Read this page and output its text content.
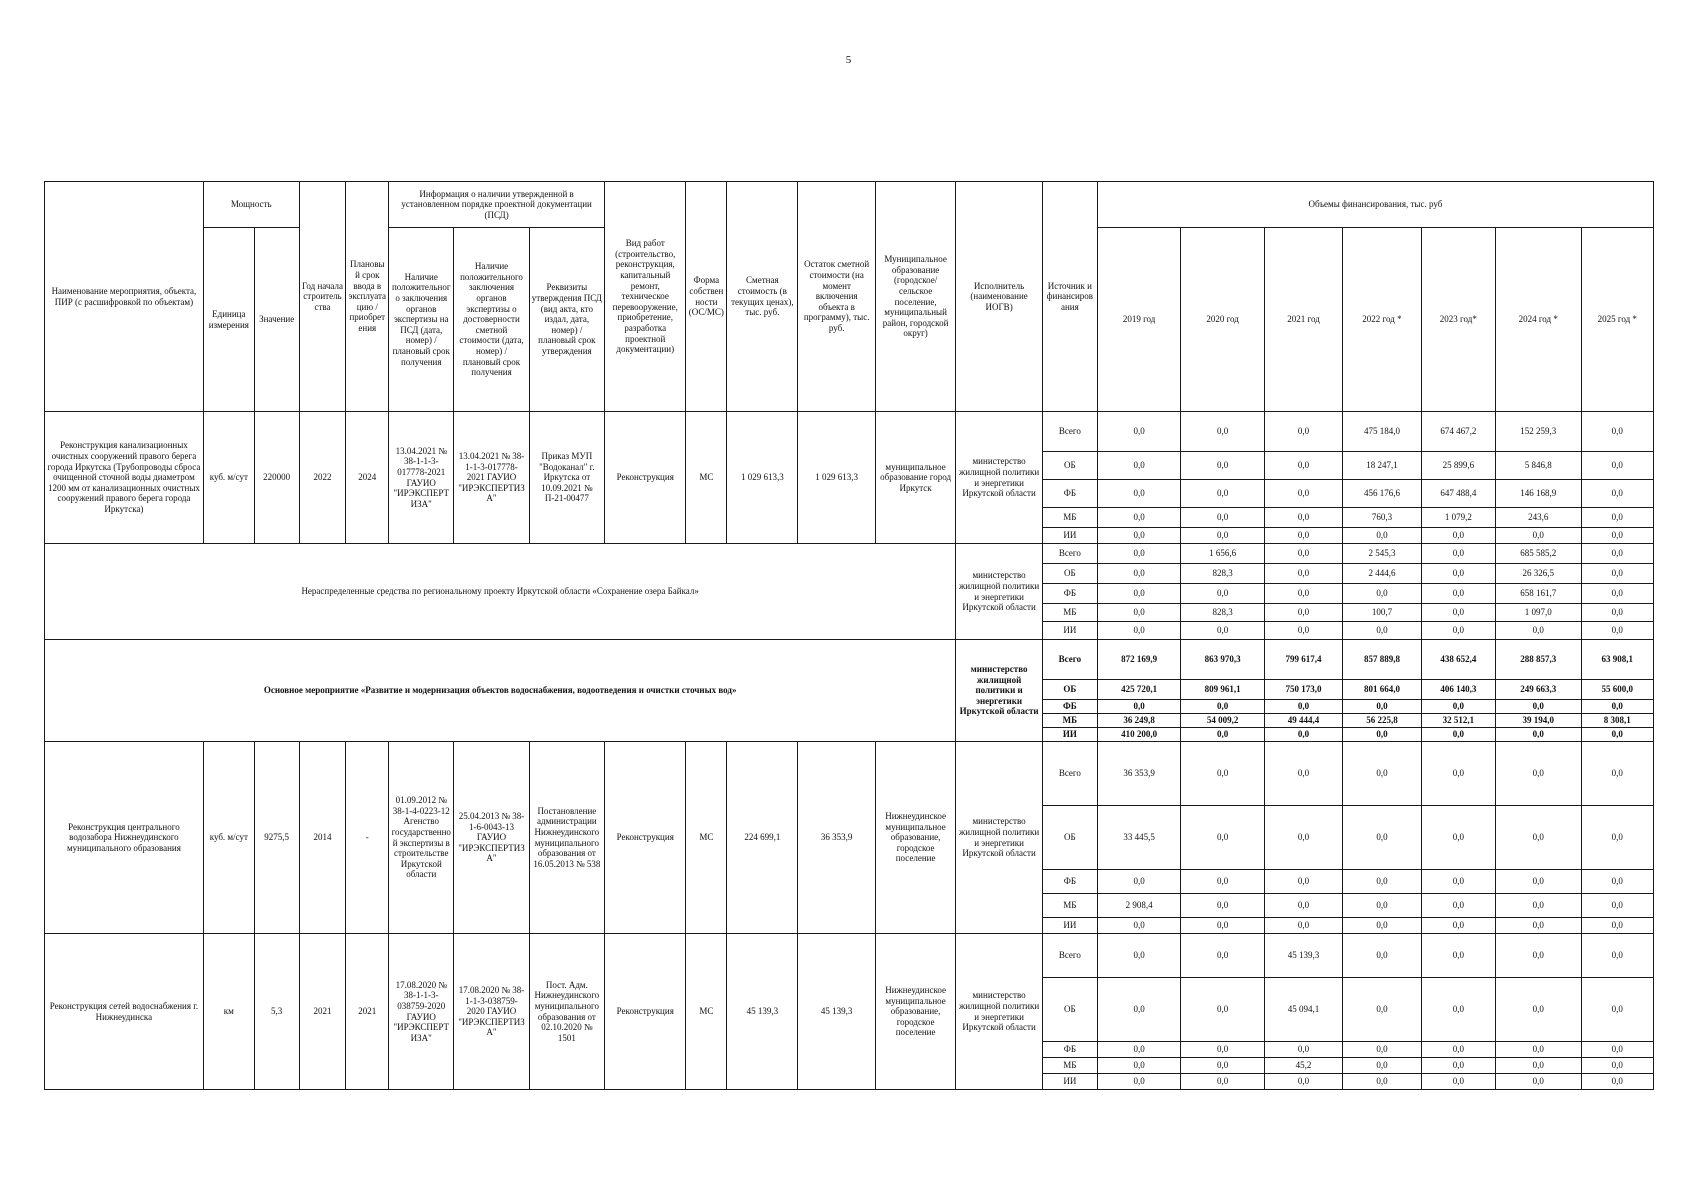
5
Наименование мероприятия, объекта, ПИР (с расшифровкой по объектам)	Мощность		Год начала строительства	Плановый срок ввода в эксплуатацию / приобретения	Информация о наличии утвержденной в установленном порядке проектной документации (ПСД)			Вид работ (строительство, реконструкция, капитальный ремонт, техническое перевооружение, приобретение, разработка проектной документации)	Форма собственности (ОС/МС)	Сметная стоимость (в текущих ценах), тыс. руб.	Остаток сметной стоимости (на момент включения объекта в программу), тыс. руб.	Муниципальное образование (городское/сельское поселение, муниципальный район, городской округ)	Исполнитель (наименование ИОГВ)	Источник и финансирования	Объемы финансирования, тыс. руб						
	Единица измерения	Значение			Наличие положительного заключения органов экспертизы на ПСД (дата, номер) / плановый срок получения	Наличие положительного заключения органов экспертизы о достоверности сметной стоимости (дата, номер) / плановый срок получения	Реквизиты утверждения ПСД (вид акта, кто издал, дата, номер) / плановый срок утверждения								2019 год	2020 год	2021 год	2022 год *	2023 год*	2024 год *	2025 год *
Реконструкция канализационных очистных сооружений правого берега города Иркутска (Трубопроводы сброса очищенной сточной воды диаметром 1200 мм от канализационных очистных сооружений правого берега города Иркутска)	куб. м/сут	220000	2022	2024	13.04.2021 № 38-1-1-3-017778-2021 ГАУИО "ИРЭКСПЕРТИЗА"	13.04.2021 № 38-1-1-3-017778-2021 ГАУИО "ИРЭКСПЕРТИЗА"	Приказ МУП "Водоканал" г. Иркутска от 10.09.2021 № П-21-00477	Реконструкция	МС	1 029 613,3	1 029 613,3	муниципальное образование город Иркутск	министерство жилищной политики и энергетики Иркутской области	Всего	0,0	0,0	0,0	475 184,0	674 467,2	152 259,3	0,0
														ОБ	0,0	0,0	0,0	18 247,1	25 899,6	5 846,8	0,0
														ФБ	0,0	0,0	0,0	456 176,6	647 488,4	146 168,9	0,0
														МБ	0,0	0,0	0,0	760,3	1 079,2	243,6	0,0
														ИИ	0,0	0,0	0,0	0,0	0,0	0,0	0,0
Нераспределенные средства по региональному проекту Иркутской области «Сохранение озера Байкал»													министерство жилищной политики и энергетики Иркутской области	Всего	0,0	1 656,6	0,0	2 545,3	0,0	685 585,2	0,0
														ОБ	0,0	828,3	0,0	2 444,6	0,0	26 326,5	0,0
														ФБ	0,0	0,0	0,0	0,0	0,0	658 161,7	0,0
														МБ	0,0	828,3	0,0	100,7	0,0	1 097,0	0,0
														ИИ	0,0	0,0	0,0	0,0	0,0	0,0	0,0
Основное мероприятие «Развитие и модернизация объектов водоснабжения, водоотведения и очистки сточных вод»													министерство жилищной политики и энергетики Иркутской области	Всего	872 169,9	863 970,3	799 617,4	857 889,8	438 652,4	288 857,3	63 908,1
														ОБ	425 720,1	809 961,1	750 173,0	801 664,0	406 140,3	249 663,3	55 600,0
														ФБ	0,0	0,0	0,0	0,0	0,0	0,0	0,0
														МБ	36 249,8	54 009,2	49 444,4	56 225,8	32 512,1	39 194,0	8 308,1
														ИИ	410 200,0	0,0	0,0	0,0	0,0	0,0	0,0
Реконструкция центрального водозабора Нижнеудинского муниципального образования	куб. м/сут	9275,5	2014	-	01.09.2012 № 38-1-4-0223-12 Агенство государственной экспертизы в строительстве Иркутской области	25.04.2013 № 38-1-6-0043-13 ГАУИО "ИРЭКСПЕРТИЗА"	Постановление администрации Нижнеудинского муниципального образования от 16.05.2013 № 538	Реконструкция	МС	224 699,1	36 353,9	Нижнеудинское муниципальное образование, городское поселение	министерство жилищной политики и энергетики Иркутской области	Всего	36 353,9	0,0	0,0	0,0	0,0	0,0	0,0
														ОБ	33 445,5	0,0	0,0	0,0	0,0	0,0	0,0
														ФБ	0,0	0,0	0,0	0,0	0,0	0,0	0,0
														МБ	2 908,4	0,0	0,0	0,0	0,0	0,0	0,0
														ИИ	0,0	0,0	0,0	0,0	0,0	0,0	0,0
Реконструкция сетей водоснабжения г. Нижнеудинска	км	5,3	2021	2021	17.08.2020 № 38-1-1-3-038759-2020 ГАУИО "ИРЭКСПЕРТИЗА"	17.08.2020 № 38-1-1-3-038759-2020 ГАУИО "ИРЭКСПЕРТИЗА"	Пост. Адм. Нижнеудинского муниципального образования от 02.10.2020 № 1501	Реконструкция	МС	45 139,3	45 139,3	Нижнеудинское муниципальное образование, городское поселение	министерство жилищной политики и энергетики Иркутской области	Всего	0,0	0,0	45 139,3	0,0	0,0	0,0	0,0
														ОБ	0,0	0,0	45 094,1	0,0	0,0	0,0	0,0
														ФБ	0,0	0,0	0,0	0,0	0,0	0,0	0,0
														МБ	0,0	0,0	45,2	0,0	0,0	0,0	0,0
														ИИ	0,0	0,0	0,0	0,0	0,0	0,0	0,0
